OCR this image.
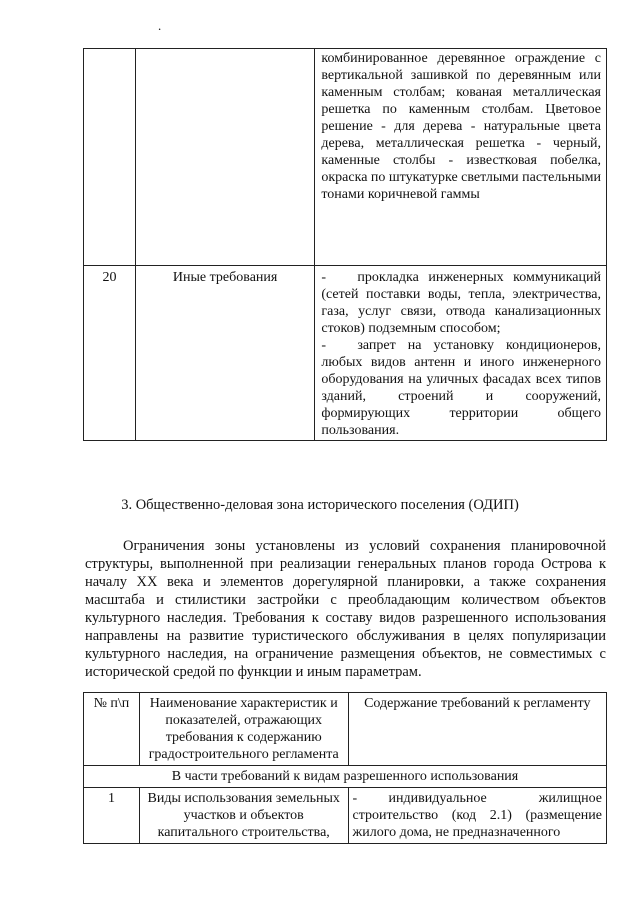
.
		комбинированное деревянное ограждение с вертикальной зашивкой по деревянным или каменным столбам; кованая металлическая решетка по каменным столбам. Цветовое решение - для дерева - натуральные цвета дерева, металлическая решетка - черный, каменные столбы - известковая побелка, окраска по штукатурке светлыми пастельными тонами коричневой гаммы
20	Иные требования	- прокладка инженерных коммуникаций (сетей поставки воды, тепла, электричества, газа, услуг связи, отвода канализационных стоков) подземным способом;
- запрет на установку кондиционеров, любых видов антенн и иного инженерного оборудования на уличных фасадах всех типов зданий, строений и сооружений, формирующих территории общего пользования.
3. Общественно-деловая зона исторического поселения (ОДИП)

Ограничения зоны установлены из условий сохранения планировочной структуры, выполненной при реализации генеральных планов города Острова к началу XX века и элементов дорегулярной планировки, а также сохранения масштаба и стилистики застройки с преобладающим количеством объектов культурного наследия. Требования к составу видов разрешенного использования направлены на развитие туристического обслуживания в целях популяризации культурного наследия, на ограничение размещения объектов, не совместимых с исторической средой по функции и иным параметрам.

№ п\п	Наименование характеристик и показателей, отражающих требования к содержанию градостроительного регламента	Содержание требований к регламенту
В части требований к видам разрешенного использования		
1	Виды использования земельных участков и объектов капитального строительства,	- индивидуальное жилищное строительство (код 2.1) (размещение жилого дома, не предназначенного
